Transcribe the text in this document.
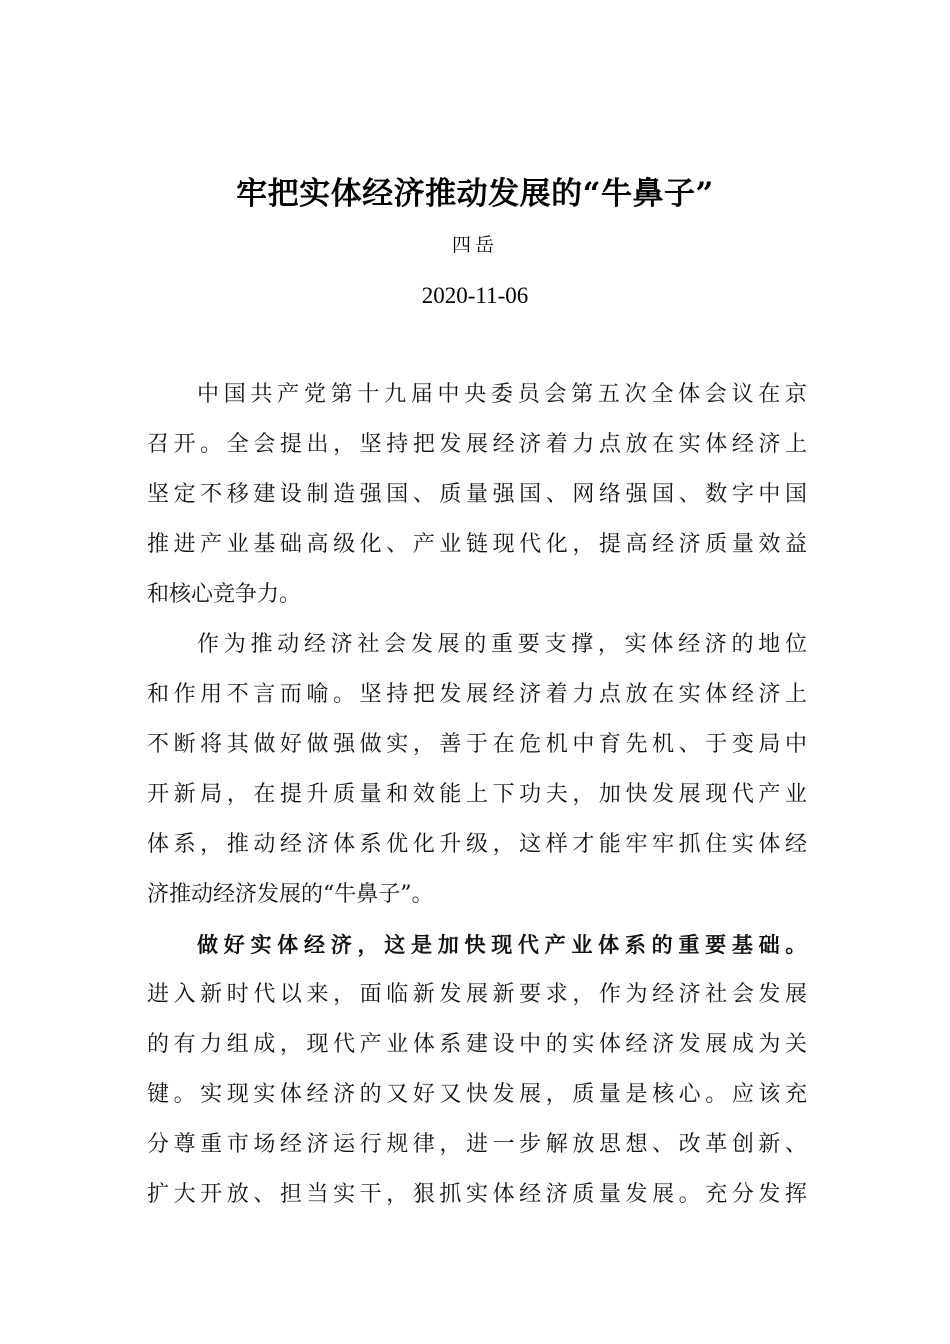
牢把实体经济推动发展的“牛鼻子”
四岳
2020-11-06
中国共产党第十九届中央委员会第五次全体会议在京
召开。全会提出，坚持把发展经济着力点放在实体经济上
坚定不移建设制造强国、质量强国、网络强国、数字中国
推进产业基础高级化、产业链现代化，提高经济质量效益
和核心竞争力。
作为推动经济社会发展的重要支撑，实体经济的地位
和作用不言而喻。坚持把发展经济着力点放在实体经济上
不断将其做好做强做实，善于在危机中育先机、于变局中
开新局，在提升质量和效能上下功夫，加快发展现代产业
体系，推动经济体系优化升级，这样才能牢牢抓住实体经
济推动经济发展的“牛鼻子”。
做好实体经济，这是加快现代产业体系的重要基础。
进入新时代以来，面临新发展新要求，作为经济社会发展
的有力组成，现代产业体系建设中的实体经济发展成为关
键。实现实体经济的又好又快发展，质量是核心。应该充
分尊重市场经济运行规律，进一步解放思想、改革创新、
扩大开放、担当实干，狠抓实体经济质量发展。充分发挥
